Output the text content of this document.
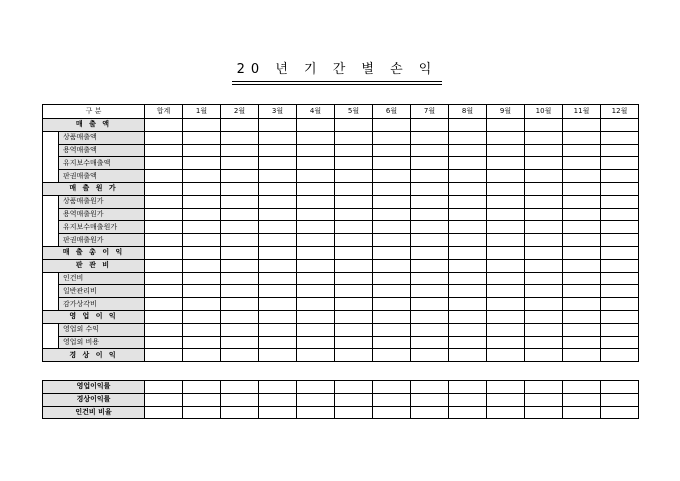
20 년 기 간 별 손 익
구 분		합계	1월	2월	3월	4월	5월	6월	7월	8월	9월	10월	11월	12월
매 출 액														
	상품매출액													
	용역매출액													
	유지보수매출액													
	판권매출액													
매 출 원 가														
	상품매출원가													
	용역매출원가													
	유지보수매출원가													
	판권매출원가													
매 출 총 이 익														
판 관 비														
	인건비													
	일반관리비													
	감가상각비													
영 업 이 익														
	영업외 수익													
	영업외 비용													
경 상 이 익														
영업이익률													
경상이익률													
인건비 비율													
